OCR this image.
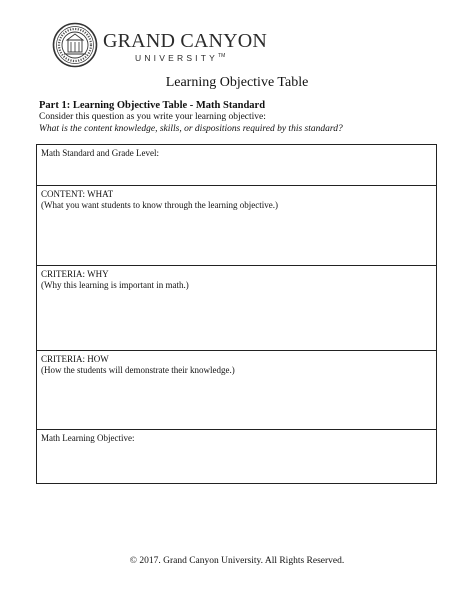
GRAND CANYON
UNIVERSITY™
Learning Objective Table
Part 1: Learning Objective Table - Math Standard
Consider this question as you write your learning objective:
What is the content knowledge, skills, or dispositions required by this standard?
Math Standard and Grade Level:
CONTENT: WHAT
(What you want students to know through the learning objective.)
CRITERIA: WHY
(Why this learning is important in math.)
CRITERIA: HOW
(How the students will demonstrate their knowledge.)
Math Learning Objective:
© 2017. Grand Canyon University. All Rights Reserved.
